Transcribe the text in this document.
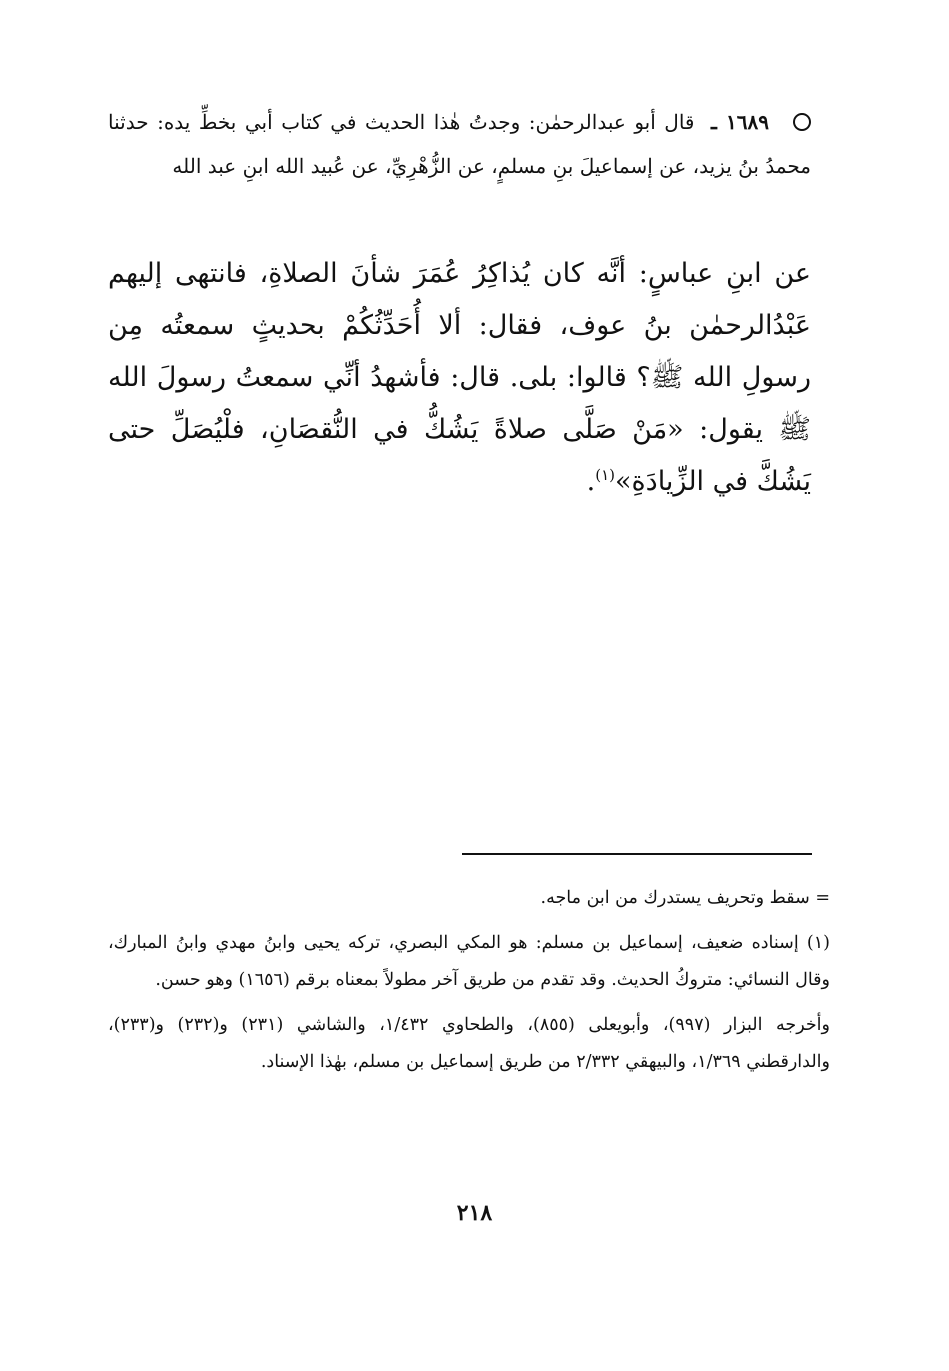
١٦٨٩ ـ قال أبو عبدالرحمٰن: وجدتُ هٰذا الحديث في كتاب أبي بخطِّ يده: حدثنا محمدُ بنُ يزيد، عن إسماعيلَ بنِ مسلمٍ، عن الزُّهْرِيِّ، عن عُبيد الله ابنِ عبد الله
عن ابنِ عباسٍ: أنَّه كان يُذاكِرُ عُمَرَ شأنَ الصلاةِ، فانتهى إليهم عَبْدُالرحمٰن بنُ عوف، فقال: ألا أُحَدِّثُكُمْ بحديثٍ سمعتُه مِن رسولِ الله ﷺ؟ قالوا: بلى. قال: فأشهدُ أنِّي سمعتُ رسولَ الله ﷺ يقول: «مَنْ صَلَّى صلاةً يَشُكُّ في النُّقصَانِ، فلْيُصَلِّ حتى يَشُكَّ في الزِّيادَةِ»$^{(١)}$.

= سقط وتحريف يستدرك من ابن ماجه.

(١) إسناده ضعيف، إسماعيل بن مسلم: هو المكي البصري، تركه يحيى وابنُ مهدي وابنُ المبارك، وقال النسائي: متروكُ الحديث. وقد تقدم من طريق آخر مطولاً بمعناه برقم (١٦٥٦) وهو حسن.

وأخرجه البزار (٩٩٧)، وأبويعلى (٨٥٥)، والطحاوي ١/٤٣٢، والشاشي (٢٣١) و(٢٣٢) و(٢٣٣)، والدارقطني ١/٣٦٩، والبيهقي ٢/٣٣٢ من طريق إسماعيل بن مسلم، بهٰذا الإسناد.

٢١٨
